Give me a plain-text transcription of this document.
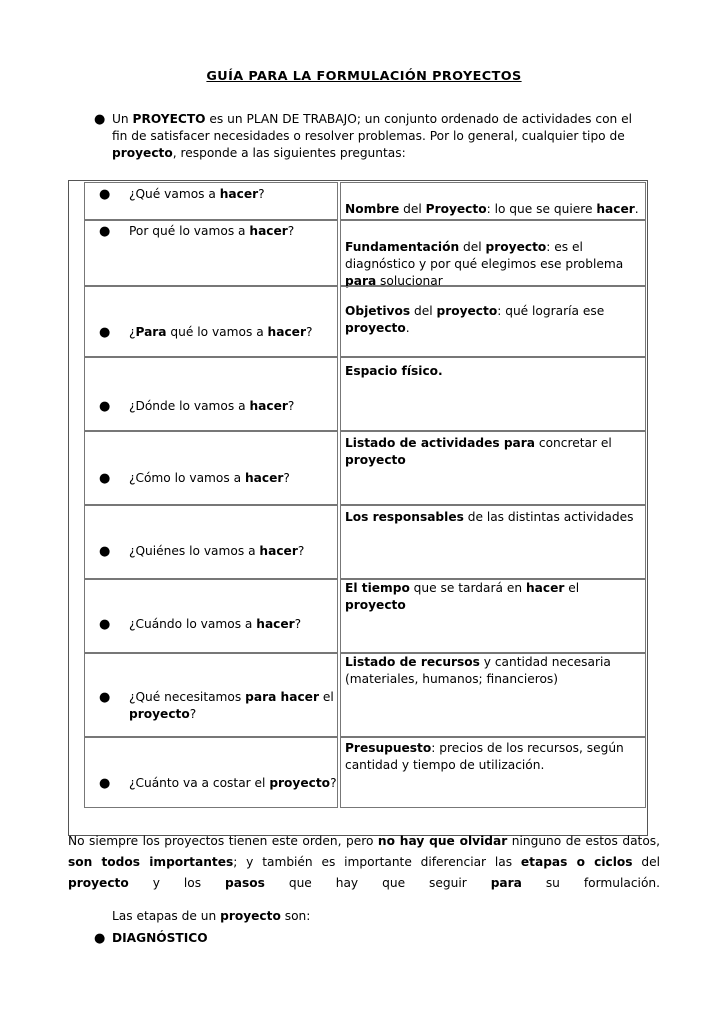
GUÍA PARA LA FORMULACIÓN PROYECTOS
● Un PROYECTO es un PLAN DE TRABAJO; un conjunto ordenado de actividades con el
fin de satisfacer necesidades o resolver problemas. Por lo general, cualquier tipo de
proyecto, responde a las siguientes preguntas:
● ¿Qué vamos a hacer?
Nombre del Proyecto: lo que se quiere hacer.
● Por qué lo vamos a hacer?
Fundamentación del proyecto: es el
diagnóstico y por qué elegimos ese problema
para solucionar
● ¿Para qué lo vamos a hacer?
Objetivos del proyecto: qué lograría ese
proyecto.
● ¿Dónde lo vamos a hacer?
Espacio físico.
● ¿Cómo lo vamos a hacer?
Listado de actividades para concretar el
proyecto
● ¿Quiénes lo vamos a hacer?
Los responsables de las distintas actividades
● ¿Cuándo lo vamos a hacer?
El tiempo que se tardará en hacer el proyecto
● ¿Qué necesitamos para hacer el
proyecto?
Listado de recursos y cantidad necesaria
(materiales, humanos; financieros)
● ¿Cuánto va a costar el proyecto?
Presupuesto: precios de los recursos, según
cantidad y tiempo de utilización.
No siempre los proyectos tienen este orden, pero no hay que olvidar ninguno de estos datos,
son todos importantes; y también es importante diferenciar las etapas o ciclos del
proyecto y los pasos que hay que seguir para su formulación.
Las etapas de un proyecto son:
● DIAGNÓSTICO
